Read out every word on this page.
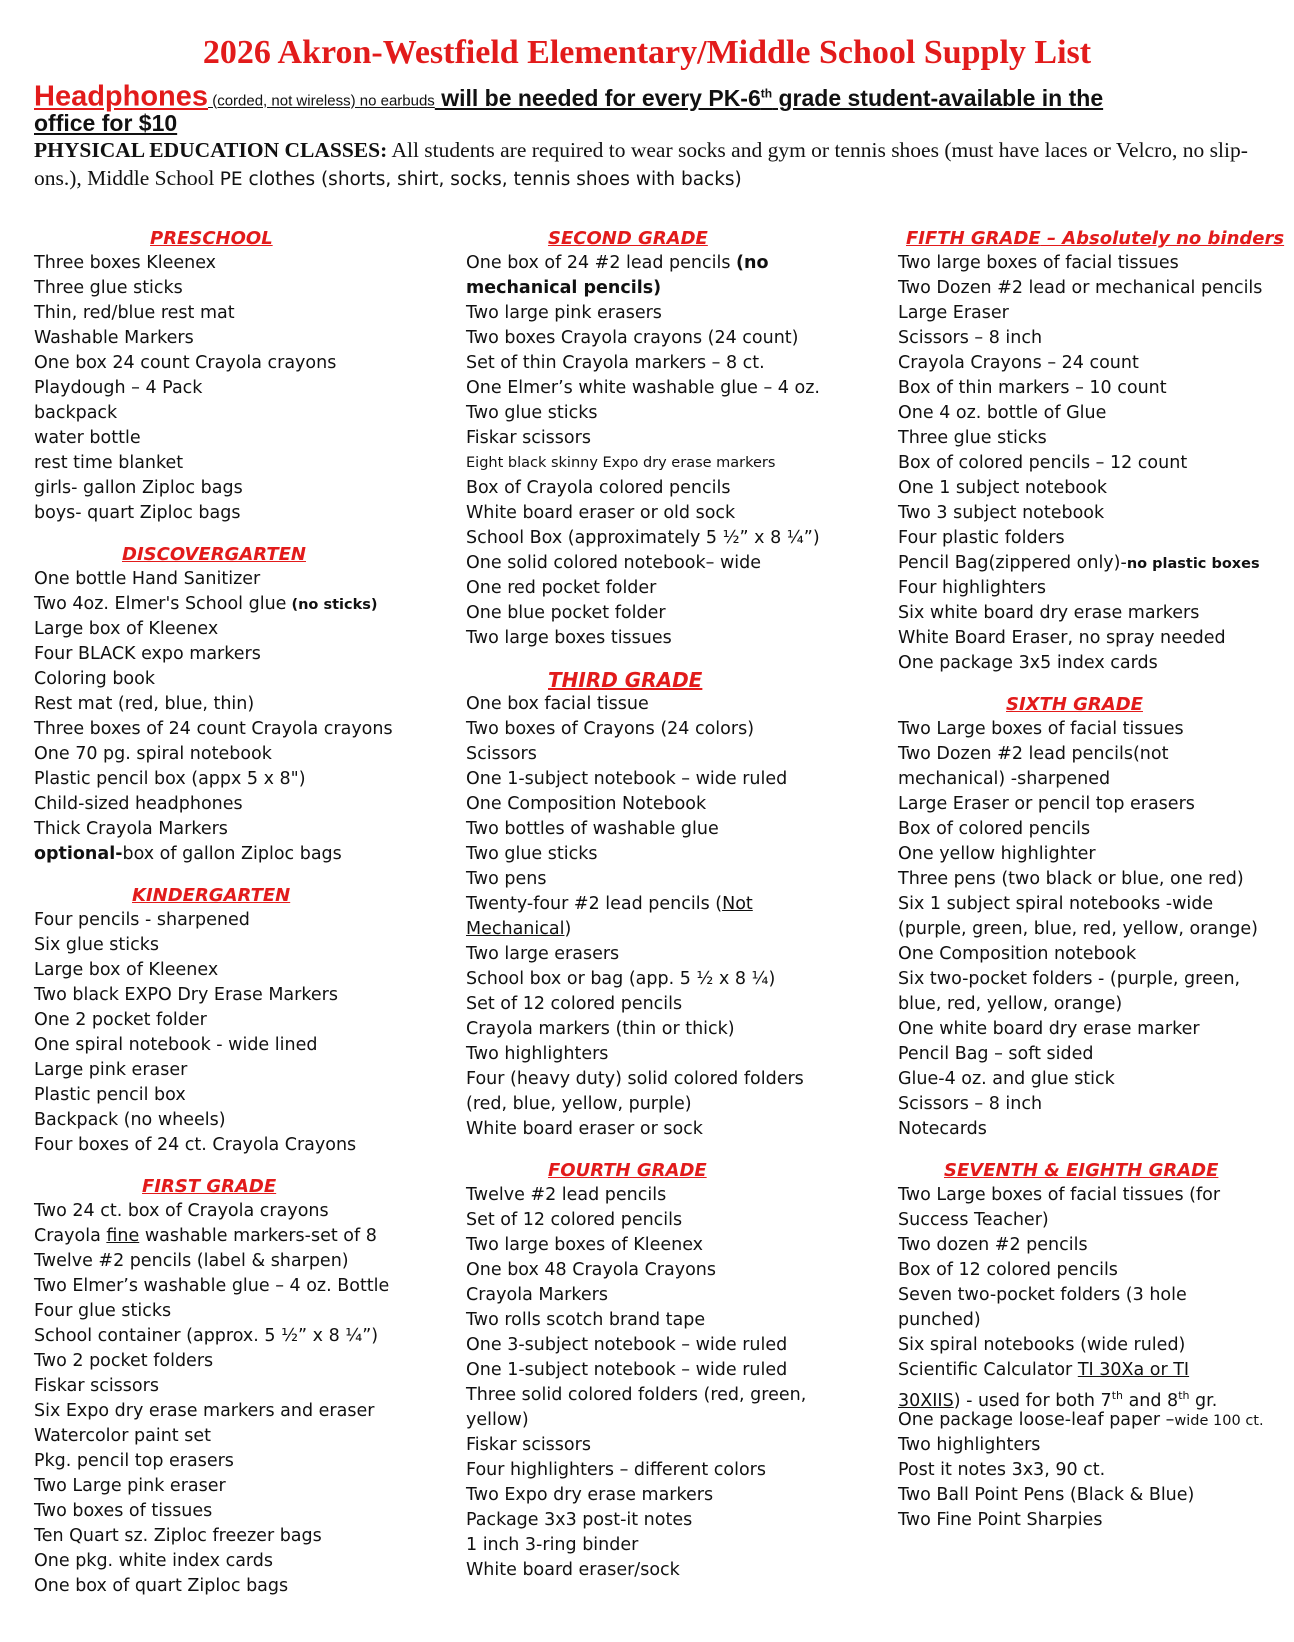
2026 Akron-Westfield Elementary/Middle School Supply List
Headphones (corded, not wireless) no earbuds will be needed for every PK-6th grade student-available in the
office for $10
PHYSICAL EDUCATION CLASSES: All students are required to wear socks and gym or tennis shoes (must have laces or Velcro, no slip-ons.), Middle School PE clothes (shorts, shirt, socks, tennis shoes with backs)
PRESCHOOL
Three boxes Kleenex
Three glue sticks
Thin, red/blue rest mat
Washable Markers
One box 24 count Crayola crayons
Playdough – 4 Pack
backpack
water bottle
rest time blanket
girls- gallon Ziploc bags
boys- quart Ziploc bags
DISCOVERGARTEN
One bottle Hand Sanitizer
Two 4oz. Elmer's School glue (no sticks)
Large box of Kleenex
Four BLACK expo markers
Coloring book
Rest mat (red, blue, thin)
Three boxes of 24 count Crayola crayons
One 70 pg. spiral notebook
Plastic pencil box (appx 5 x 8")
Child-sized headphones
Thick Crayola Markers
optional-box of gallon Ziploc bags
KINDERGARTEN
Four pencils - sharpened
Six glue sticks
Large box of Kleenex
Two black EXPO Dry Erase Markers
One 2 pocket folder
One spiral notebook - wide lined
Large pink eraser
Plastic pencil box
Backpack (no wheels)
Four boxes of 24 ct. Crayola Crayons
FIRST GRADE
Two 24 ct. box of Crayola crayons
Crayola fine washable markers-set of 8
Twelve #2 pencils (label & sharpen)
Two Elmer’s washable glue – 4 oz. Bottle
Four glue sticks
School container (approx. 5 ½” x 8 ¼”)
Two 2 pocket folders
Fiskar scissors
Six Expo dry erase markers and eraser
Watercolor paint set
Pkg. pencil top erasers
Two Large pink eraser
Two boxes of tissues
Ten Quart sz. Ziploc freezer bags
One pkg. white index cards
One box of quart Ziploc bags
SECOND GRADE
One box of 24 #2 lead pencils (no
mechanical pencils)
Two large pink erasers
Two boxes Crayola crayons (24 count)
Set of thin Crayola markers – 8 ct.
One Elmer’s white washable glue – 4 oz.
Two glue sticks
Fiskar scissors
Eight black skinny Expo dry erase markers
Box of Crayola colored pencils
White board eraser or old sock
School Box (approximately 5 ½” x 8 ¼”)
One solid colored notebook– wide
One red pocket folder
One blue pocket folder
Two large boxes tissues
THIRD GRADE
One box facial tissue
Two boxes of Crayons (24 colors)
Scissors
One 1-subject notebook – wide ruled
One Composition Notebook
Two bottles of washable glue
Two glue sticks
Two pens
Twenty-four #2 lead pencils (Not
Mechanical)
Two large erasers
School box or bag (app. 5 ½ x 8 ¼)
Set of 12 colored pencils
Crayola markers (thin or thick)
Two highlighters
Four (heavy duty) solid colored folders
(red, blue, yellow, purple)
White board eraser or sock
FOURTH GRADE
Twelve #2 lead pencils
Set of 12 colored pencils
Two large boxes of Kleenex
One box 48 Crayola Crayons
Crayola Markers
Two rolls scotch brand tape
One 3-subject notebook – wide ruled
One 1-subject notebook – wide ruled
Three solid colored folders (red, green,
yellow)
Fiskar scissors
Four highlighters – different colors
Two Expo dry erase markers
Package 3x3 post-it notes
1 inch 3-ring binder
White board eraser/sock
FIFTH GRADE – Absolutely no binders
Two large boxes of facial tissues
Two Dozen #2 lead or mechanical pencils
Large Eraser
Scissors – 8 inch
Crayola Crayons – 24 count
Box of thin markers – 10 count
One 4 oz. bottle of Glue
Three glue sticks
Box of colored pencils – 12 count
One 1 subject notebook
Two 3 subject notebook
Four plastic folders
Pencil Bag(zippered only)-no plastic boxes
Four highlighters
Six white board dry erase markers
White Board Eraser, no spray needed
One package 3x5 index cards
SIXTH GRADE
Two Large boxes of facial tissues
Two Dozen #2 lead pencils(not
mechanical) -sharpened
Large Eraser or pencil top erasers
Box of colored pencils
One yellow highlighter
Three pens (two black or blue, one red)
Six 1 subject spiral notebooks -wide
(purple, green, blue, red, yellow, orange)
One Composition notebook
Six two-pocket folders - (purple, green,
blue, red, yellow, orange)
One white board dry erase marker
Pencil Bag – soft sided
Glue-4 oz. and glue stick
Scissors – 8 inch
Notecards
SEVENTH & EIGHTH GRADE
Two Large boxes of facial tissues (for
Success Teacher)
Two dozen #2 pencils
Box of 12 colored pencils
Seven two-pocket folders (3 hole
punched)
Six spiral notebooks (wide ruled)
Scientific Calculator TI 30Xa or TI
30XIIS) - used for both 7th and 8th gr.
One package loose-leaf paper –wide 100 ct.
Two highlighters
Post it notes 3x3, 90 ct.
Two Ball Point Pens (Black & Blue)
Two Fine Point Sharpies
